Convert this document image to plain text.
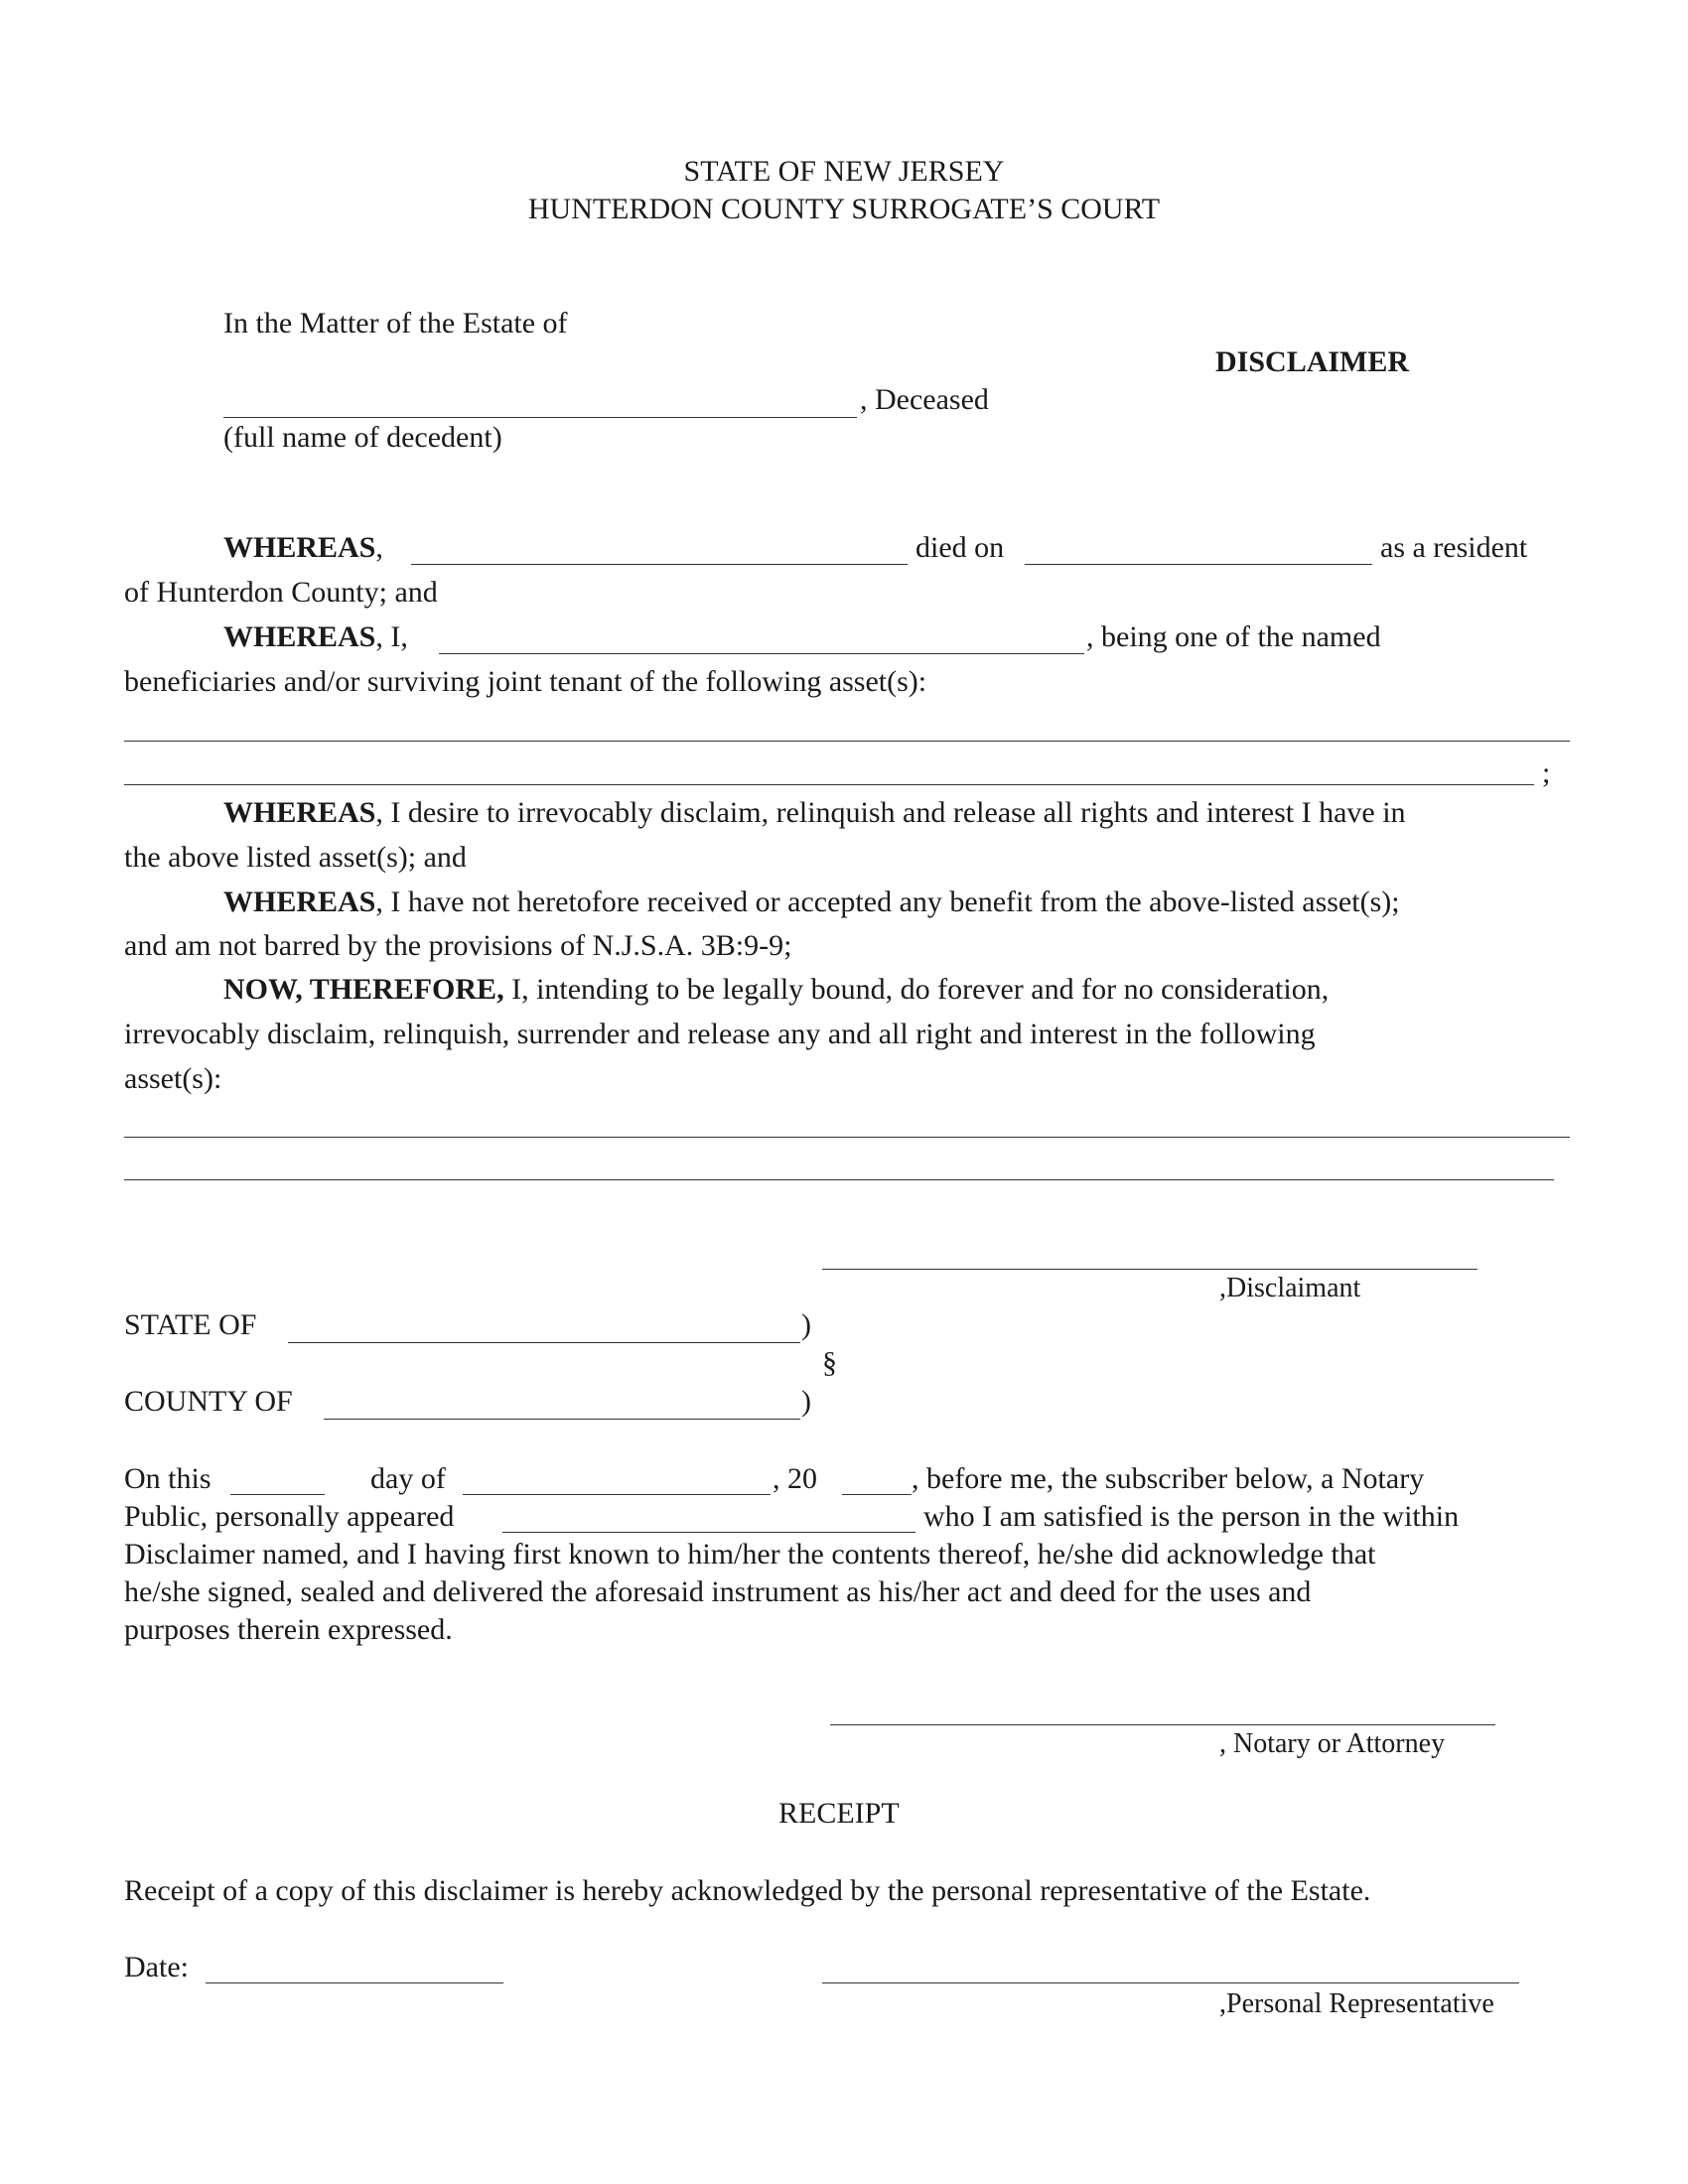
STATE OF NEW JERSEY
HUNTERDON COUNTY SURROGATE’S COURT
In the Matter of the Estate of
DISCLAIMER
, Deceased
(full name of decedent)
WHEREAS,	died on	as a resident
of Hunterdon County; and
WHEREAS, I,	, being one of the named
beneficiaries and/or surviving joint tenant of the following asset(s):
;
WHEREAS, I desire to irrevocably disclaim, relinquish and release all rights and interest I have in
the above listed asset(s); and
WHEREAS, I have not heretofore received or accepted any benefit from the above-listed asset(s);
and am not barred by the provisions of N.J.S.A. 3B:9-9;
NOW, THEREFORE, I, intending to be legally bound, do forever and for no consideration,
irrevocably disclaim, relinquish, surrender and release any and all right and interest in the following
asset(s):
,Disclaimant
STATE OF	)
§
COUNTY OF	)
On this	day of	, 20	, before me, the subscriber below, a Notary
Public, personally appeared	who I am satisfied is the person in the within
Disclaimer named, and I having first known to him/her the contents thereof, he/she did acknowledge that
he/she signed, sealed and delivered the aforesaid instrument as his/her act and deed for the uses and
purposes therein expressed.
, Notary or Attorney
RECEIPT
Receipt of a copy of this disclaimer is hereby acknowledged by the personal representative of the Estate.
Date:
,Personal Representative
